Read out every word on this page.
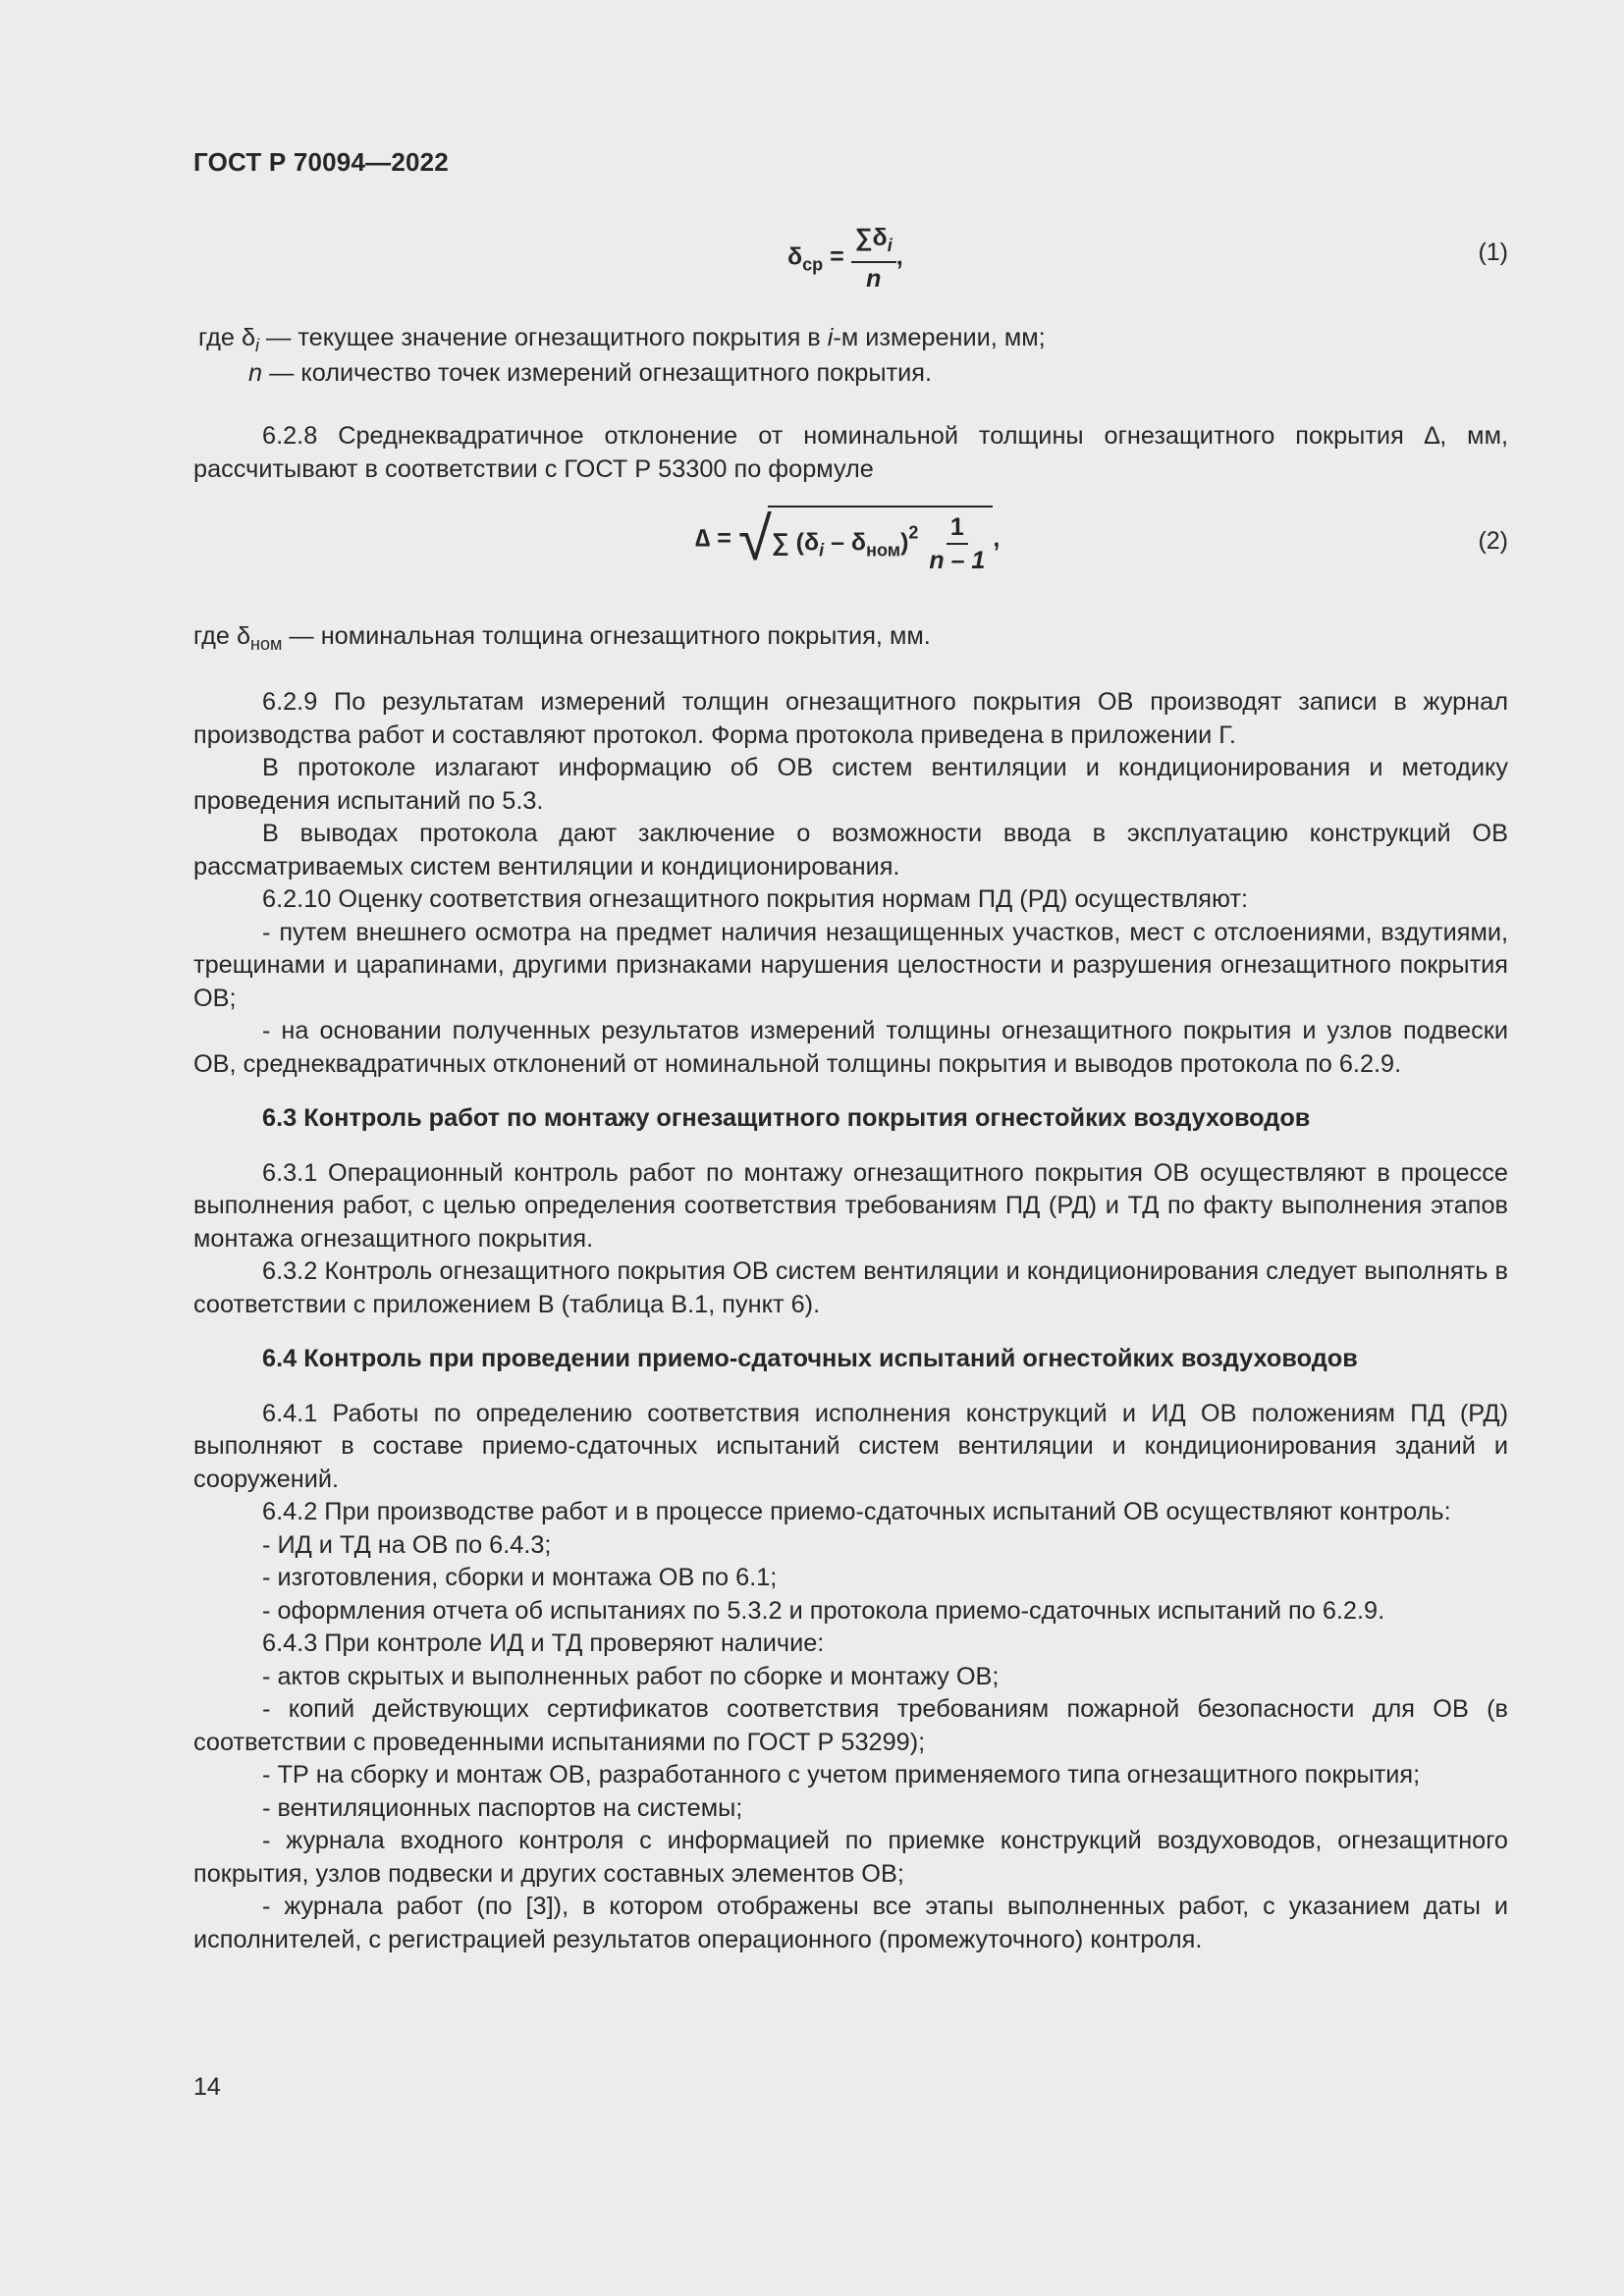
ГОСТ Р 70094—2022
$\delta_{ср} = \frac{\sum\delta_i}{n}$ ,	(1)
где $\delta_i$ — текущее значение огнезащитного покрытия в i-м измерении, мм;
n — количество точек измерений огнезащитного покрытия.

6.2.8 Среднеквадратичное отклонение от номинальной толщины огнезащитного покрытия ∆, мм, рассчитывают в соответствии с ГОСТ Р 53300 по формуле

∆ = √∑ $(\delta_i - \delta_{ном})^2 \frac{1}{n - 1}$ ,	(2)
где $\delta_{ном}$ — номинальная толщина огнезащитного покрытия, мм.

6.2.9 По результатам измерений толщин огнезащитного покрытия ОВ производят записи в журнал производства работ и составляют протокол. Форма протокола приведена в приложении Г.

В протоколе излагают информацию об ОВ систем вентиляции и кондиционирования и методику проведения испытаний по 5.3.

В выводах протокола дают заключение о возможности ввода в эксплуатацию конструкций ОВ рассматриваемых систем вентиляции и кондиционирования.

6.2.10 Оценку соответствия огнезащитного покрытия нормам ПД (РД) осуществляют:

- путем внешнего осмотра на предмет наличия незащищенных участков, мест с отслоениями, вздутиями, трещинами и царапинами, другими признаками нарушения целостности и разрушения огнезащитного покрытия ОВ;

- на основании полученных результатов измерений толщины огнезащитного покрытия и узлов подвески ОВ, среднеквадратичных отклонений от номинальной толщины покрытия и выводов протокола по 6.2.9.

6.3 Контроль работ по монтажу огнезащитного покрытия огнестойких воздуховодов

6.3.1 Операционный контроль работ по монтажу огнезащитного покрытия ОВ осуществляют в процессе выполнения работ, с целью определения соответствия требованиям ПД (РД) и ТД по факту выполнения этапов монтажа огнезащитного покрытия.

6.3.2 Контроль огнезащитного покрытия ОВ систем вентиляции и кондиционирования следует выполнять в соответствии с приложением В (таблица В.1, пункт 6).

6.4 Контроль при проведении приемо-сдаточных испытаний огнестойких воздуховодов

6.4.1 Работы по определению соответствия исполнения конструкций и ИД ОВ положениям ПД (РД) выполняют в составе приемо-сдаточных испытаний систем вентиляции и кондиционирования зданий и сооружений.

6.4.2 При производстве работ и в процессе приемо-сдаточных испытаний ОВ осуществляют контроль:

- ИД и ТД на ОВ по 6.4.3;

- изготовления, сборки и монтажа ОВ по 6.1;

- оформления отчета об испытаниях по 5.3.2 и протокола приемо-сдаточных испытаний по 6.2.9.

6.4.3 При контроле ИД и ТД проверяют наличие:

- актов скрытых и выполненных работ по сборке и монтажу ОВ;

- копий действующих сертификатов соответствия требованиям пожарной безопасности для ОВ (в соответствии с проведенными испытаниями по ГОСТ Р 53299);

- ТР на сборку и монтаж ОВ, разработанного с учетом применяемого типа огнезащитного покрытия;

- вентиляционных паспортов на системы;

- журнала входного контроля с информацией по приемке конструкций воздуховодов, огнезащитного покрытия, узлов подвески и других составных элементов ОВ;

- журнала работ (по [3]), в котором отображены все этапы выполненных работ, с указанием даты и исполнителей, с регистрацией результатов операционного (промежуточного) контроля.

14
